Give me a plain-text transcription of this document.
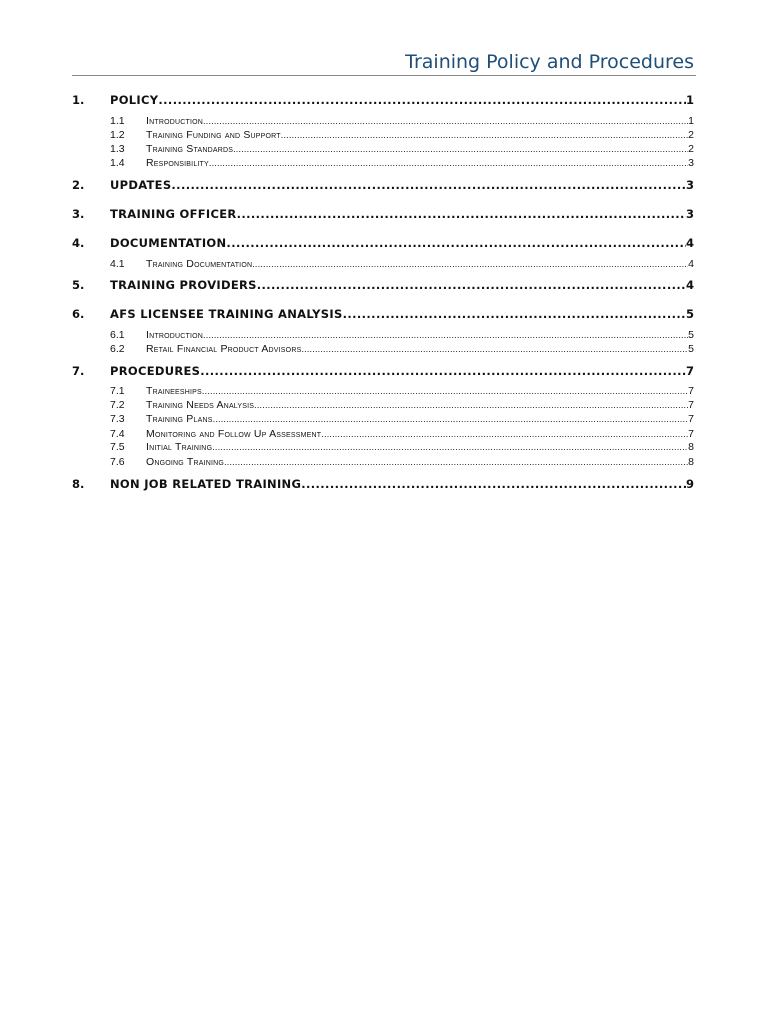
Training Policy and Procedures
1.	POLICY .....	1
1.1	Introduction .....	1
1.2	Training Funding and Support .....	2
1.3	Training Standards .....	2
1.4	Responsibility .....	3
2.	UPDATES .....	3
3.	TRAINING OFFICER .....	3
4.	DOCUMENTATION .....	4
4.1	Training Documentation .....	4
5.	TRAINING PROVIDERS .....	4
6.	AFS LICENSEE TRAINING ANALYSIS .....	5
6.1	Introduction .....	5
6.2	Retail Financial Product Advisors .....	5
7.	PROCEDURES .....	7
7.1	Traineeships .....	7
7.2	Training Needs Analysis .....	7
7.3	Training Plans .....	7
7.4	Monitoring and Follow Up Assessment .....	7
7.5	Initial Training .....	8
7.6	Ongoing Training .....	8
8.	NON JOB RELATED TRAINING .....	9
